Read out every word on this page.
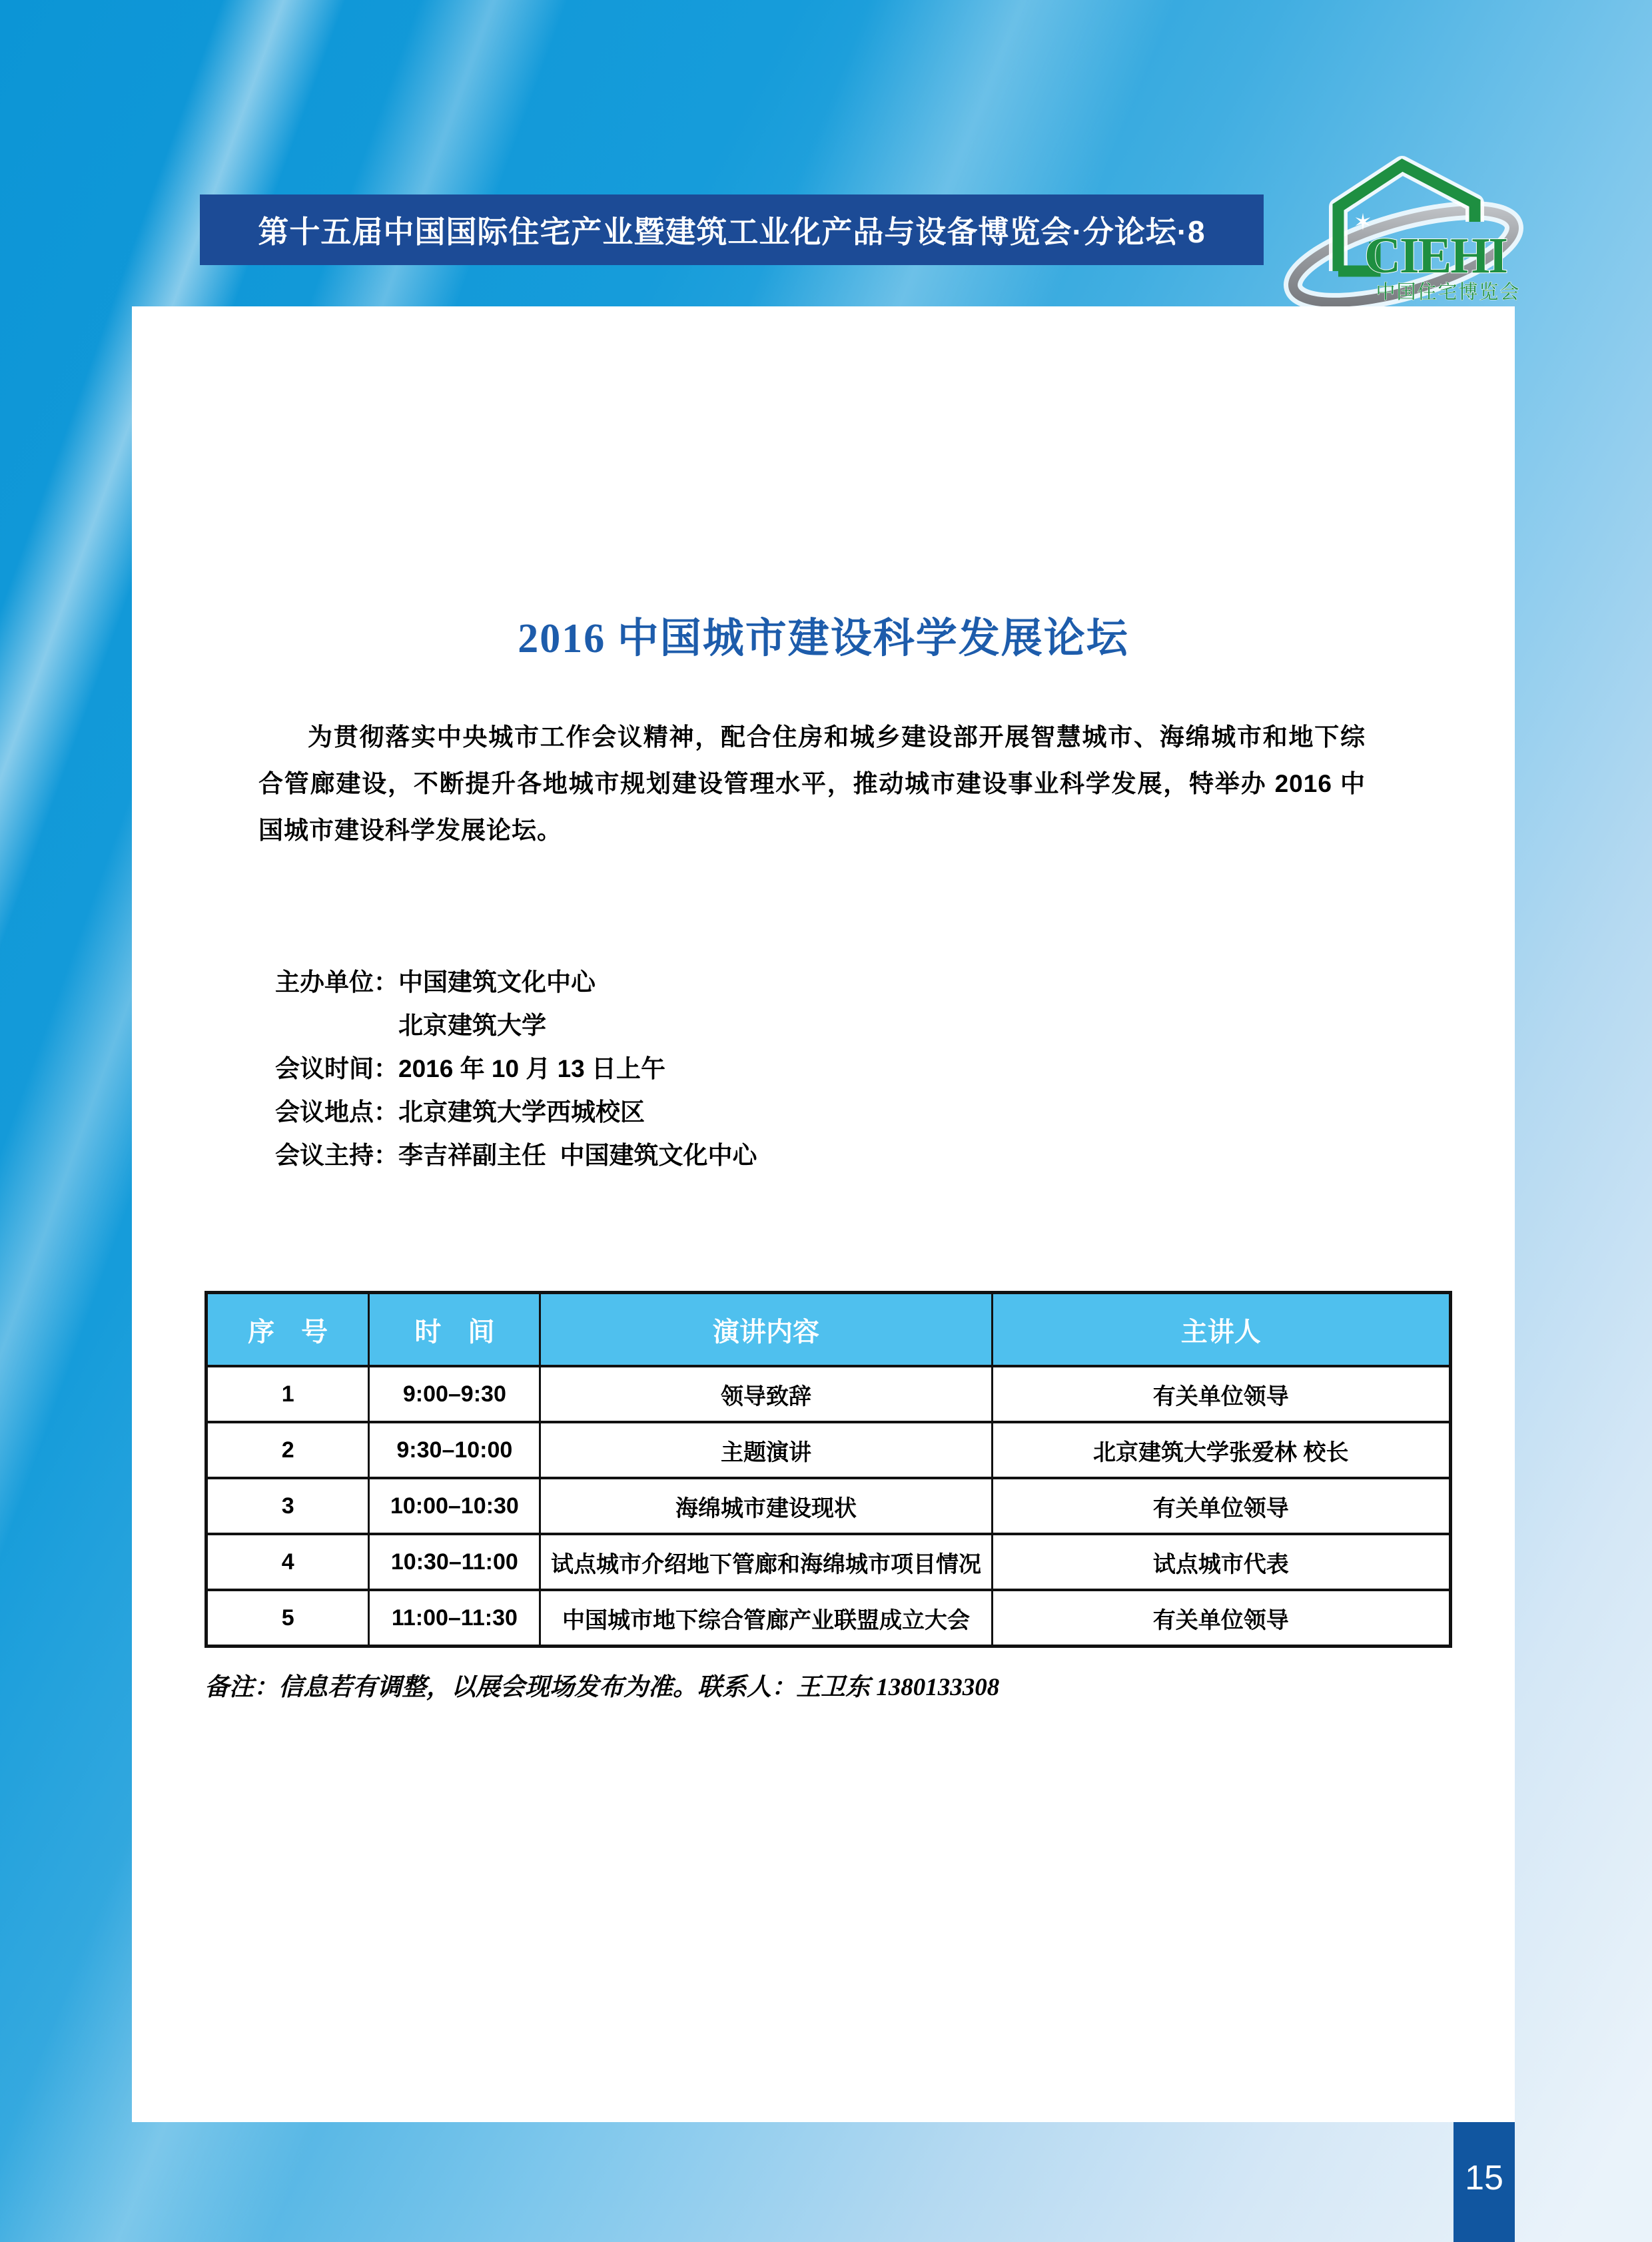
第十五届中国国际住宅产业暨建筑工业化产品与设备博览会·分论坛·8	✶
CIEHI
中国住宅博览会
2016 中国城市建设科学发展论坛

为贯彻落实中央城市工作会议精神，配合住房和城乡建设部开展智慧城市、海绵城市和地下综合管廊建设，不断提升各地城市规划建设管理水平，推动城市建设事业科学发展，特举办 2016 中国城市建设科学发展论坛。

主办单位： 中国建筑文化中心
北京建筑大学
会议时间： 2016 年 10 月 13 日上午
会议地点： 北京建筑大学西城校区
会议主持： 李吉祥副主任  中国建筑文化中心
序　号	时　间	演讲内容	主讲人
1	9:00–9:30	领导致辞	有关单位领导
2	9:30–10:00	主题演讲	北京建筑大学张爱林 校长
3	10:00–10:30	海绵城市建设现状	有关单位领导
4	10:30–11:00	试点城市介绍地下管廊和海绵城市项目情况	试点城市代表
5	11:00–11:30	中国城市地下综合管廊产业联盟成立大会	有关单位领导

备注：信息若有调整，以展会现场发布为准。联系人：王卫东 1380133308

15
